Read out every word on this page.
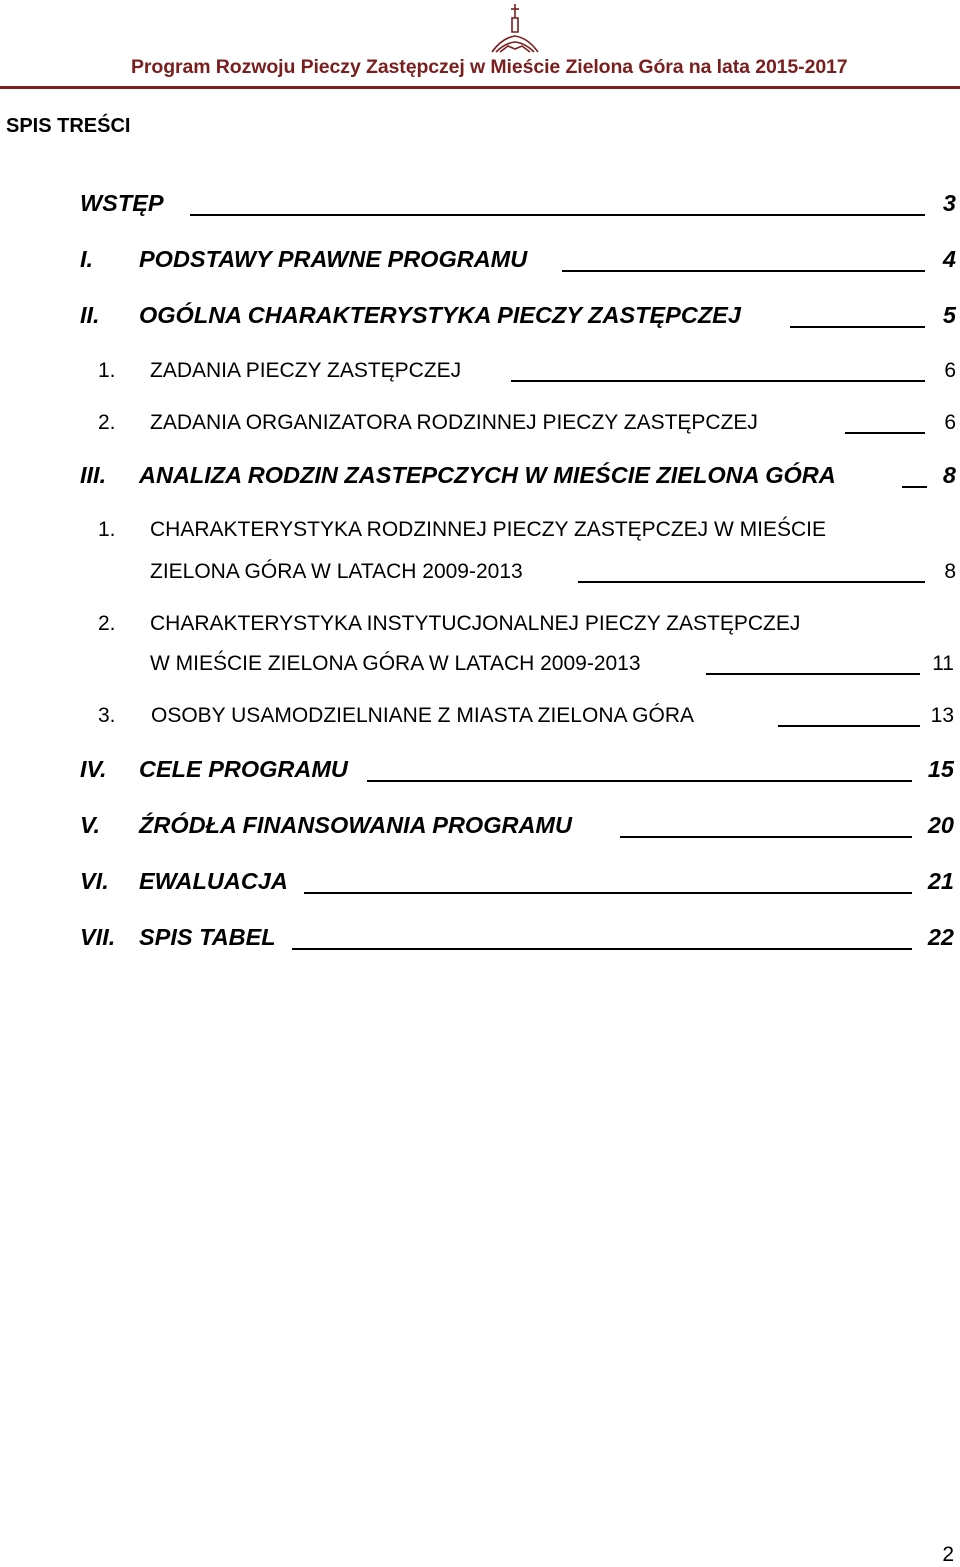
Program Rozwoju Pieczy Zastępczej w Mieście Zielona Góra na lata 2015-2017
SPIS TREŚCI
WSTĘP	3
I. PODSTAWY PRAWNE PROGRAMU	4
II. OGÓLNA CHARAKTERYSTYKA PIECZY ZASTĘPCZEJ	5
1. ZADANIA PIECZY ZASTĘPCZEJ	6
2. ZADANIA ORGANIZATORA RODZINNEJ PIECZY ZASTĘPCZEJ	6
III. ANALIZA RODZIN ZASTEPCZYCH W MIEŚCIE ZIELONA GÓRA	8
1. CHARAKTERYSTYKA RODZINNEJ PIECZY ZASTĘPCZEJ W MIEŚCIE
ZIELONA GÓRA W LATACH 2009-2013	8
2. CHARAKTERYSTYKA INSTYTUCJONALNEJ PIECZY ZASTĘPCZEJ
W MIEŚCIE ZIELONA GÓRA W LATACH 2009-2013	11
3. OSOBY USAMODZIELNIANE Z MIASTA ZIELONA GÓRA	13
IV. CELE PROGRAMU	15
V. ŹRÓDŁA FINANSOWANIA PROGRAMU	20
VI. EWALUACJA	21
VII. SPIS TABEL	22
2
